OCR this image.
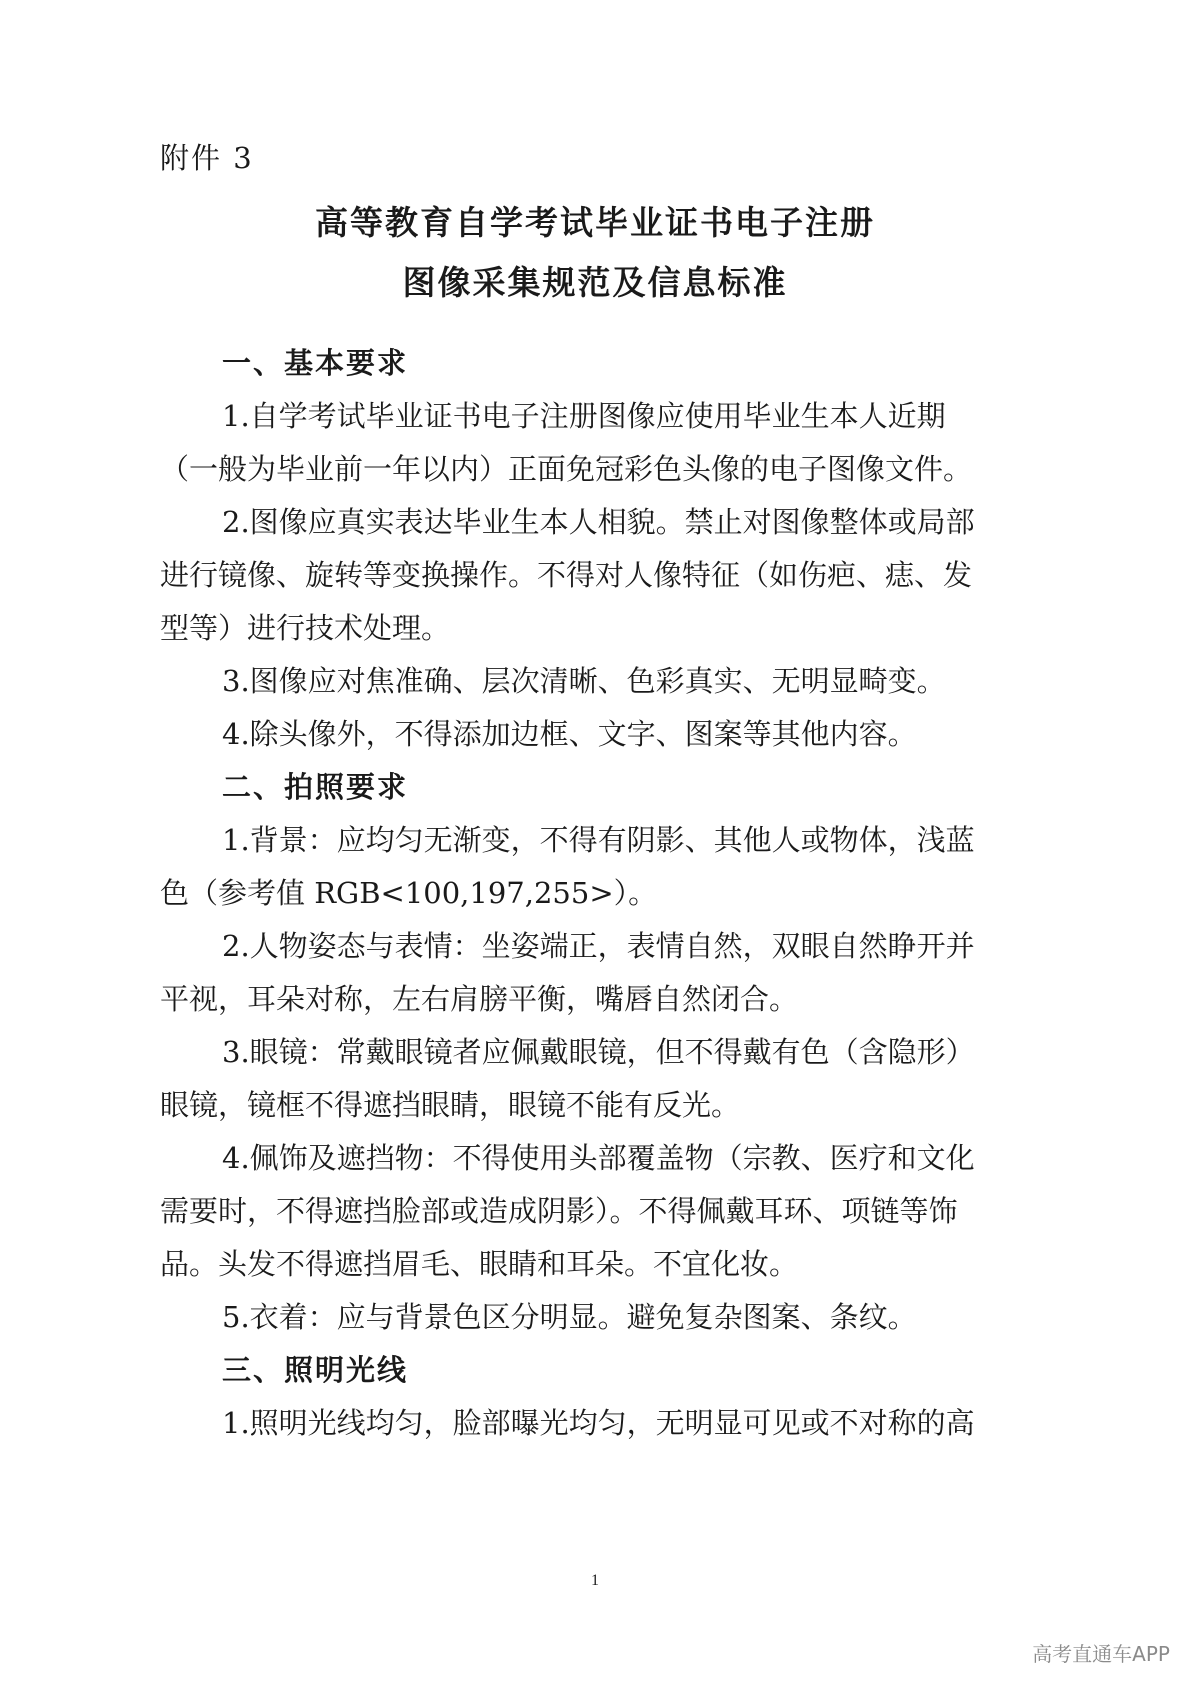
附件 3
高等教育自学考试毕业证书电子注册
图像采集规范及信息标准
一、基本要求
1.自学考试毕业证书电子注册图像应使用毕业生本人近期
（一般为毕业前一年以内）正面免冠彩色头像的电子图像文件。
2.图像应真实表达毕业生本人相貌。禁止对图像整体或局部
进行镜像、旋转等变换操作。不得对人像特征（如伤疤、痣、发
型等）进行技术处理。
3.图像应对焦准确、层次清晰、色彩真实、无明显畸变。
4.除头像外，不得添加边框、文字、图案等其他内容。
二、拍照要求
1.背景：应均匀无渐变，不得有阴影、其他人或物体，浅蓝
色（参考值 RGB<100,197,255>）。
2.人物姿态与表情：坐姿端正，表情自然，双眼自然睁开并
平视，耳朵对称，左右肩膀平衡，嘴唇自然闭合。
3.眼镜：常戴眼镜者应佩戴眼镜，但不得戴有色（含隐形）
眼镜，镜框不得遮挡眼睛，眼镜不能有反光。
4.佩饰及遮挡物：不得使用头部覆盖物（宗教、医疗和文化
需要时，不得遮挡脸部或造成阴影）。不得佩戴耳环、项链等饰
品。头发不得遮挡眉毛、眼睛和耳朵。不宜化妆。
5.衣着：应与背景色区分明显。避免复杂图案、条纹。
三、照明光线
1.照明光线均匀，脸部曝光均匀，无明显可见或不对称的高
1
高考直通车APP
